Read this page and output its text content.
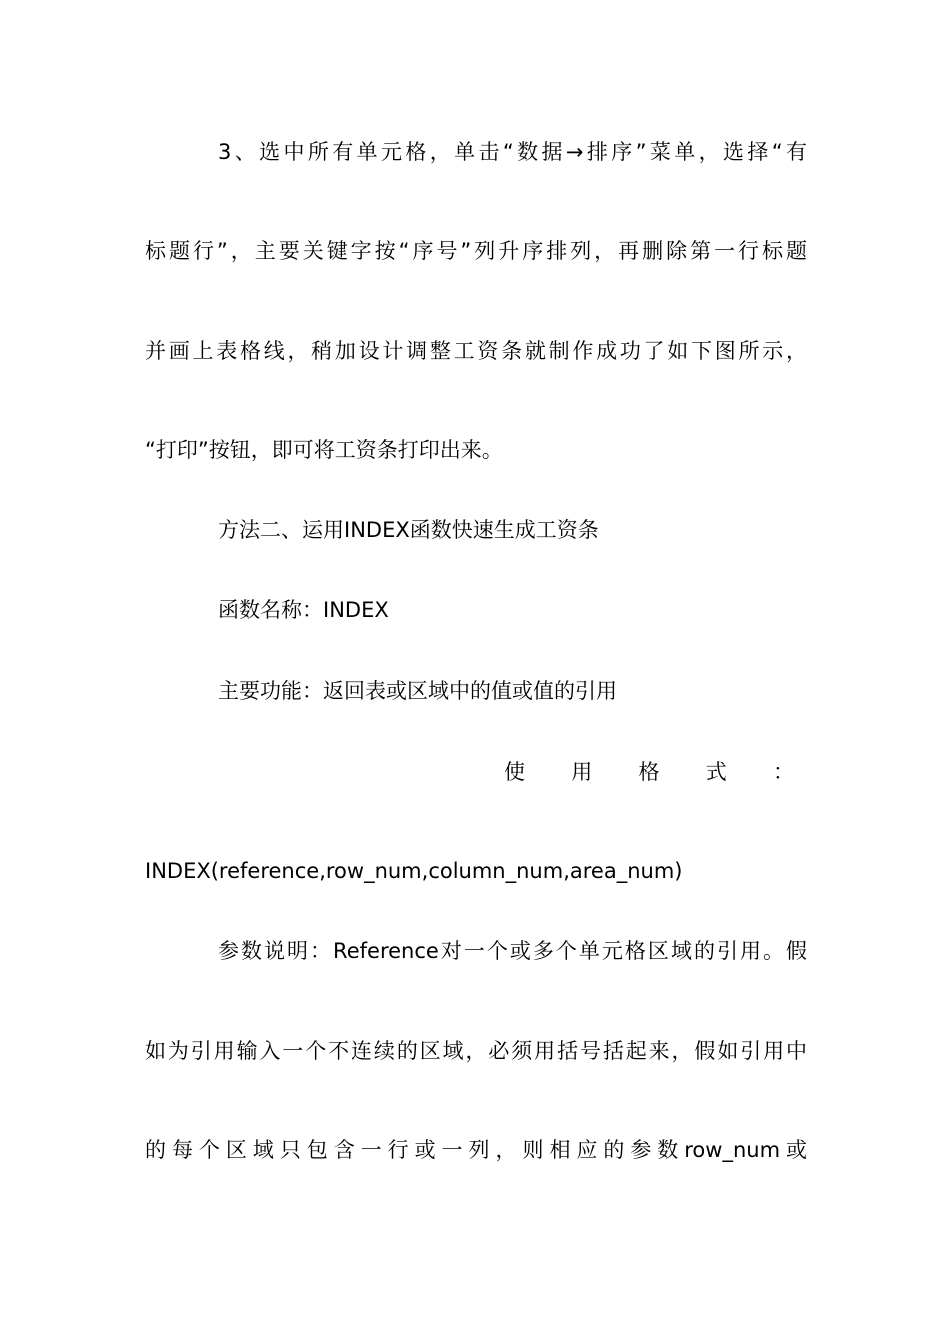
3、选中所有单元格，单击“数据→排序”菜单，选择“有

标题行”，主要关键字按“序号”列升序排列，再删除第一行标题

并画上表格线，稍加设计调整工资条就制作成功了如下图所示，

“打印”按钮，即可将工资条打印出来。

方法二、运用INDEX函数快速生成工资条

函数名称：INDEX

主要功能：返回表或区域中的值或值的引用

使 用 格 式 ：

INDEX(reference,row_num,column_num,area_num)

参数说明：Reference对一个或多个单元格区域的引用。假

如为引用输入一个不连续的区域，必须用括号括起来，假如引用中

的每个区域只包含一行或一列，则相应的参数row_num或
